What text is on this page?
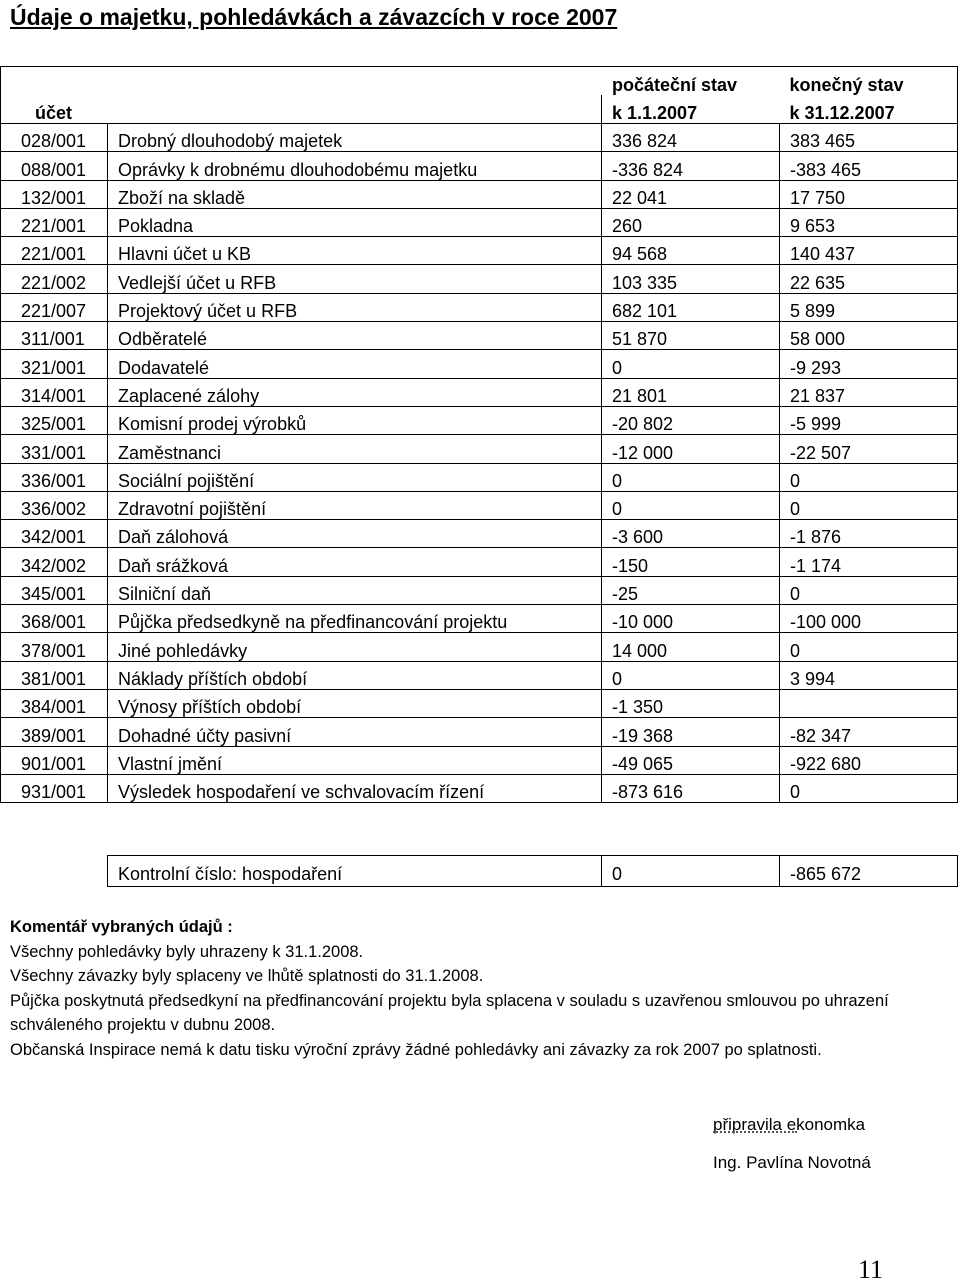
Údaje o majetku, pohledávkách a závazcích v roce 2007
		počáteční stav	konečný stav
účet		k 1.1.2007	k 31.12.2007
028/001	Drobný dlouhodobý majetek	336 824	383 465
088/001	Oprávky k drobnému dlouhodobému majetku	-336 824	-383 465
132/001	Zboží na skladě	22 041	17 750
221/001	Pokladna	260	9 653
221/001	Hlavni účet u KB	94 568	140 437
221/002	Vedlejší účet u RFB	103 335	22 635
221/007	Projektový účet u RFB	682 101	5 899
311/001	Odběratelé	51 870	58 000
321/001	Dodavatelé	0	-9 293
314/001	Zaplacené zálohy	21 801	21 837
325/001	Komisní prodej výrobků	-20 802	-5 999
331/001	Zaměstnanci	-12 000	-22 507
336/001	Sociální pojištění	0	0
336/002	Zdravotní pojištění	0	0
342/001	Daň zálohová	-3 600	-1 876
342/002	Daň srážková	-150	-1 174
345/001	Silniční daň	-25	0
368/001	Půjčka předsedkyně na předfinancování projektu	-10 000	-100 000
378/001	Jiné pohledávky	14 000	0
381/001	Náklady příštích období	0	3 994
384/001	Výnosy příštích období	-1 350	
389/001	Dohadné účty pasivní	-19 368	-82 347
901/001	Vlastní jmění	-49 065	-922 680
931/001	Výsledek hospodaření ve schvalovacím řízení	-873 616	0
Kontrolní číslo: hospodaření	0	-865 672
Komentář vybraných údajů :

Všechny pohledávky byly uhrazeny k 31.1.2008.

Všechny závazky byly splaceny ve lhůtě splatnosti do 31.1.2008.

Půjčka poskytnutá předsedkyní na předfinancování projektu byla splacena v souladu s uzavřenou smlouvou po uhrazení schváleného projektu v dubnu 2008.

Občanská Inspirace nemá k datu tisku výroční zprávy žádné pohledávky ani závazky za rok 2007 po splatnosti.

připravila ekonomka
Ing. Pavlína Novotná
11
